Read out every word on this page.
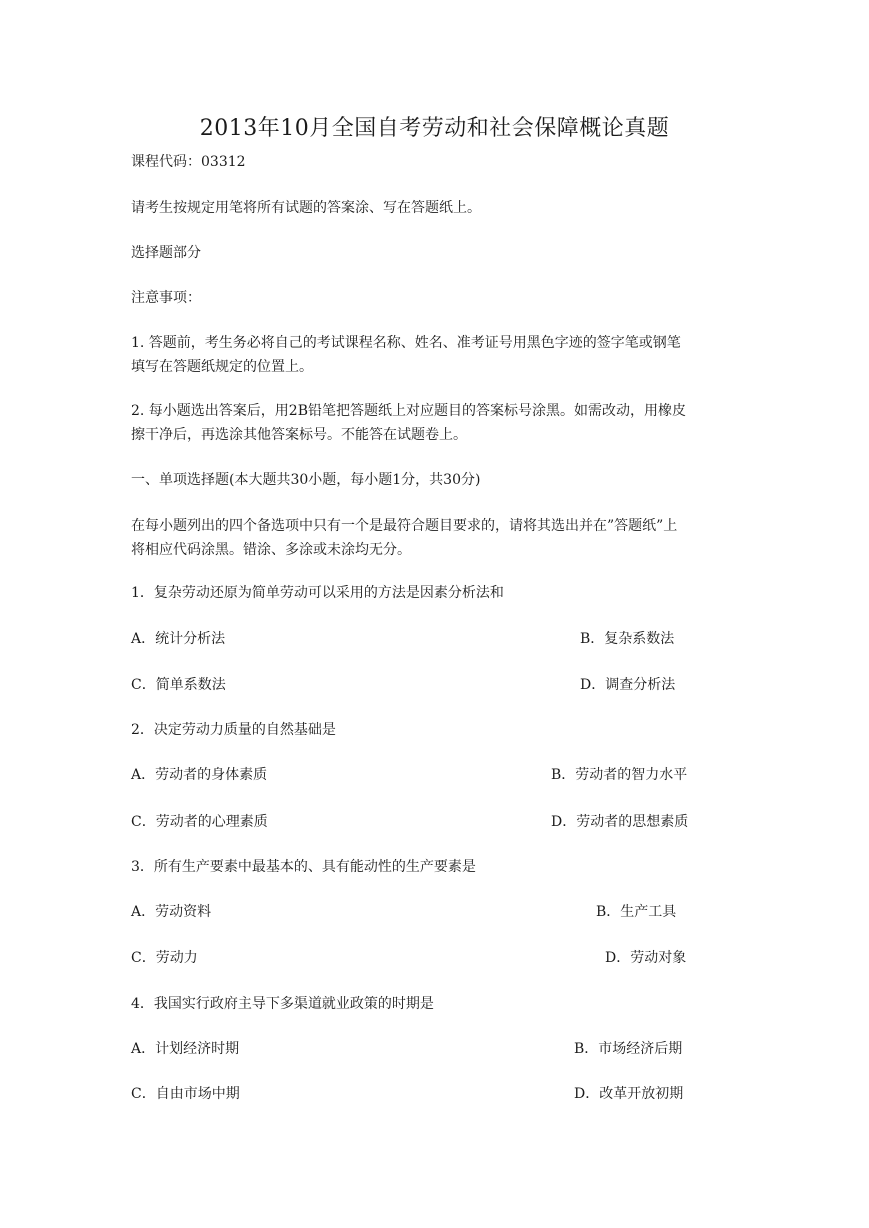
2013年10月全国自考劳动和社会保障概论真题
课程代码：03312
请考生按规定用笔将所有试题的答案涂、写在答题纸上。
选择题部分
注意事项：
1. 答题前，考生务必将自己的考试课程名称、姓名、准考证号用黑色字迹的签字笔或钢笔
填写在答题纸规定的位置上。
2. 每小题选出答案后，用2B铅笔把答题纸上对应题目的答案标号涂黑。如需改动，用橡皮
擦干净后，再选涂其他答案标号。不能答在试题卷上。
一、单项选择题(本大题共30小题，每小题1分，共30分)
在每小题列出的四个备选项中只有一个是最符合题目要求的，请将其选出并在”答题纸”上
将相应代码涂黑。错涂、多涂或未涂均无分。
1．复杂劳动还原为简单劳动可以采用的方法是因素分析法和
A．统计分析法	B．复杂系数法
C．简单系数法	D．调查分析法
2．决定劳动力质量的自然基础是
A．劳动者的身体素质	B．劳动者的智力水平
C．劳动者的心理素质	D．劳动者的思想素质
3．所有生产要素中最基本的、具有能动性的生产要素是
A．劳动资料	B．生产工具
C．劳动力	D．劳动对象
4．我国实行政府主导下多渠道就业政策的时期是
A．计划经济时期	B．市场经济后期
C．自由市场中期	D．改革开放初期
